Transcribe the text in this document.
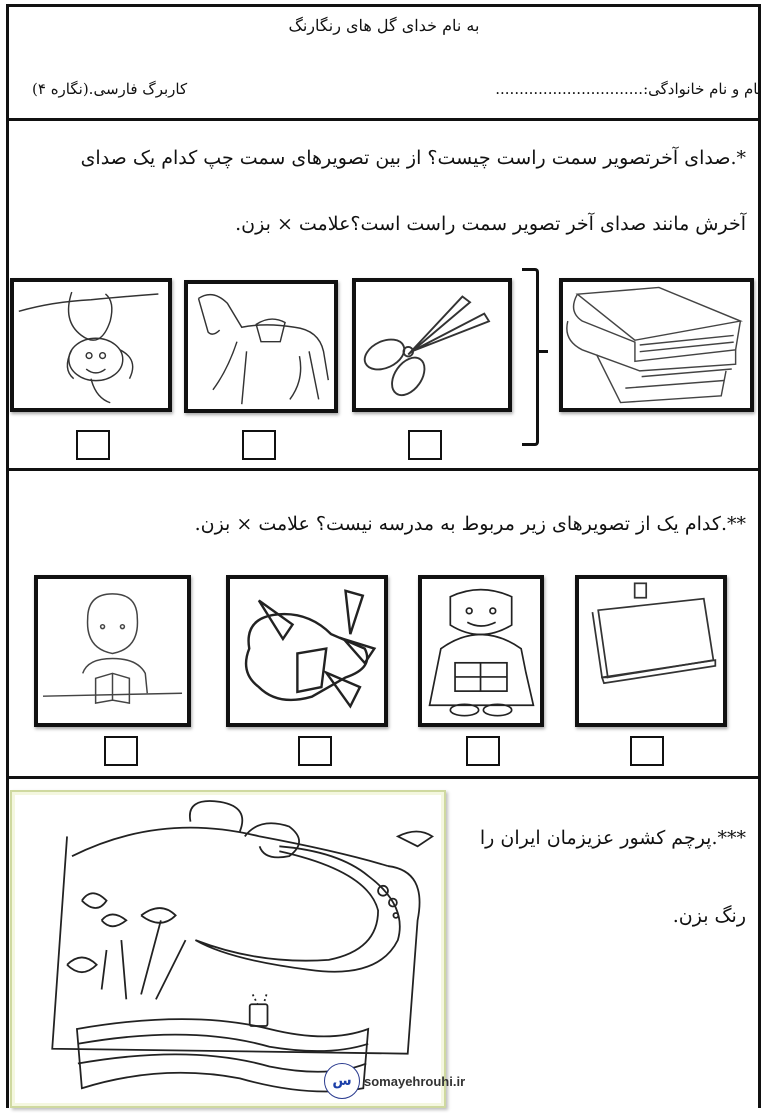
به نام خدای گل های رنگارنگ
نام و نام خانوادگی:...............................
کاربرگ فارسی.(نگاره ۴)
*.صدای آخرتصویر سمت راست چیست؟ از بین تصویرهای سمت چپ کدام یک صدای
آخرش مانند صدای آخر تصویر سمت راست است؟علامت × بزن.
**.کدام یک از تصویرهای زیر مربوط به مدرسه نیست؟ علامت × بزن.
***.پرچم کشور عزیزمان ایران را
رنگ بزن.
س somayehrouhi.ir
